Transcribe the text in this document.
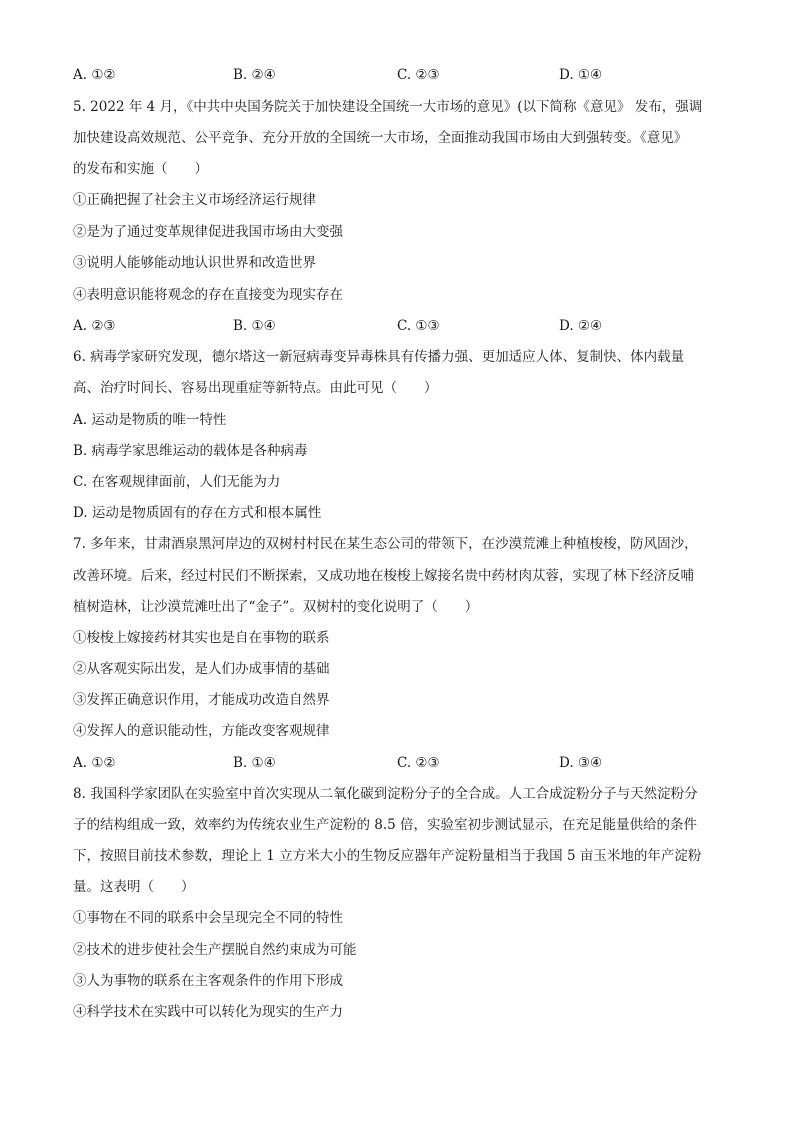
A. ①②	B. ②④	C. ②③	D. ①④
5. 2022 年 4 月，《中共中央国务院关于加快建设全国统一大市场的意见》(以下简称《意见》 发布，强调
加快建设高效规范、公平竞争、充分开放的全国统一大市场，全面推动我国市场由大到强转变。《意见》
的发布和实施（　　）
①正确把握了社会主义市场经济运行规律
②是为了通过变革规律促进我国市场由大变强
③说明人能够能动地认识世界和改造世界
④表明意识能将观念的存在直接变为现实存在
A. ②③	B. ①④	C. ①③	D. ②④
6. 病毒学家研究发现，德尔塔这一新冠病毒变异毒株具有传播力强、更加适应人体、复制快、体内载量
高、治疗时间长、容易出现重症等新特点。由此可见（　　）
A. 运动是物质的唯一特性
B. 病毒学家思维运动的载体是各种病毒
C. 在客观规律面前，人们无能为力
D. 运动是物质固有的存在方式和根本属性
7. 多年来，甘肃酒泉黑河岸边的双树村村民在某生态公司的带领下，在沙漠荒滩上种植梭梭，防风固沙，
改善环境。后来，经过村民们不断探索，又成功地在梭梭上嫁接名贵中药材肉苁蓉，实现了林下经济反哺
植树造林，让沙漠荒滩吐出了“金子”。双树村的变化说明了（　　）
①梭梭上嫁接药材其实也是自在事物的联系
②从客观实际出发，是人们办成事情的基础
③发挥正确意识作用，才能成功改造自然界
④发挥人的意识能动性，方能改变客观规律
A. ①②	B. ①④	C. ②③	D. ③④
8. 我国科学家团队在实验室中首次实现从二氧化碳到淀粉分子的全合成。人工合成淀粉分子与天然淀粉分
子的结构组成一致，效率约为传统农业生产淀粉的 8.5 倍，实验室初步测试显示，在充足能量供给的条件
下，按照目前技术参数，理论上 1 立方米大小的生物反应器年产淀粉量相当于我国 5 亩玉米地的年产淀粉
量。这表明（　　）
①事物在不同的联系中会呈现完全不同的特性
②技术的进步使社会生产摆脱自然约束成为可能
③人为事物的联系在主客观条件的作用下形成
④科学技术在实践中可以转化为现实的生产力
